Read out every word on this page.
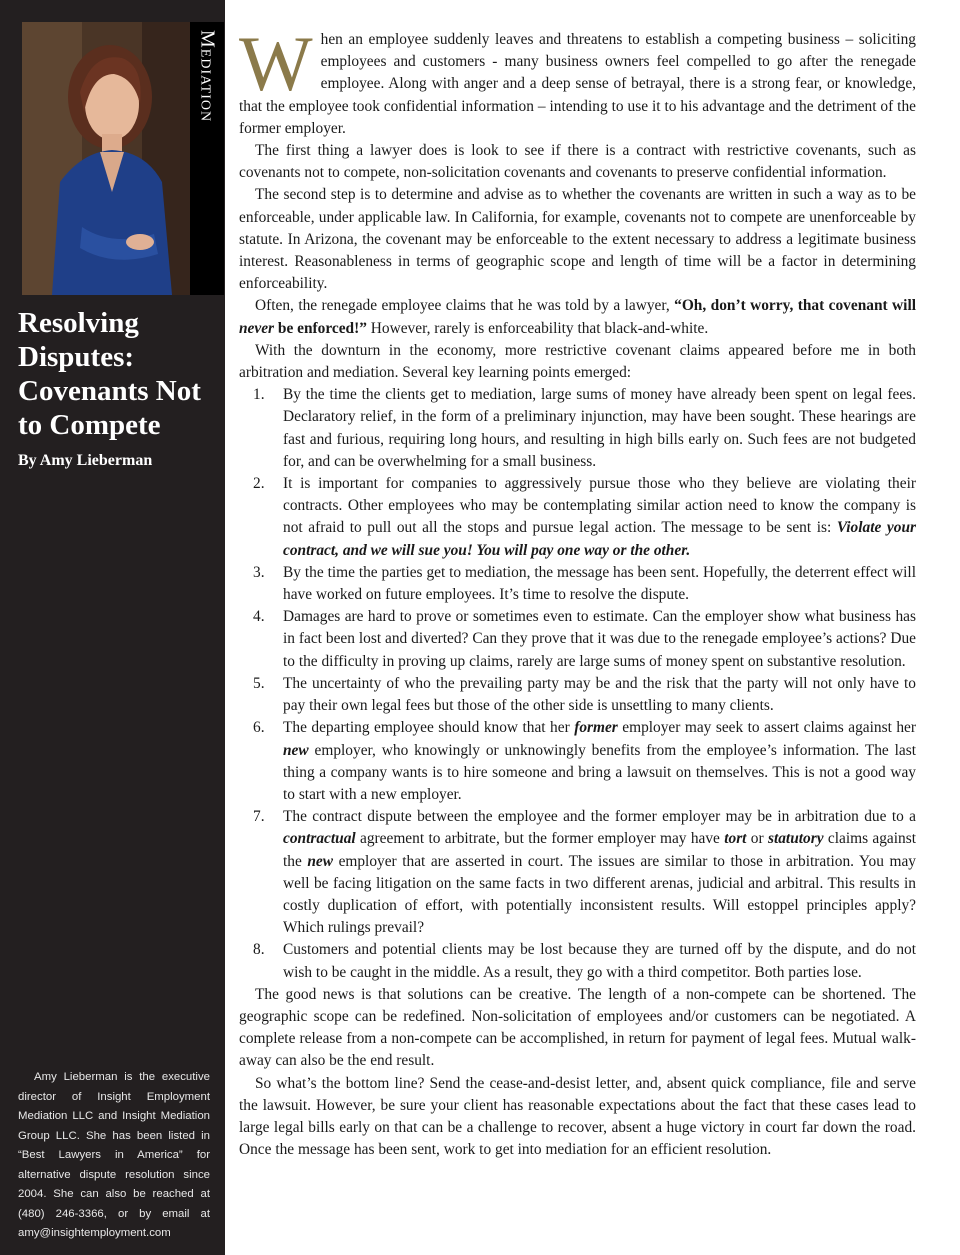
Mediation
Resolving
Disputes:
Covenants Not
to Compete
By Amy Lieberman
Amy Lieberman is the executive director of Insight Employment Mediation LLC and Insight Mediation Group LLC. She has been listed in “Best Lawyers in America” for alternative dispute resolution since 2004. She can also be reached at (480) 246-3366, or by email at amy@insightemployment.com

When an employee suddenly leaves and threatens to establish a competing business – soliciting employees and customers - many business owners feel compelled to go after the renegade employee. Along with anger and a deep sense of betrayal, there is a strong fear, or knowledge, that the employee took confidential information – intending to use it to his advantage and the detriment of the former employer.

The first thing a lawyer does is look to see if there is a contract with restrictive covenants, such as covenants not to compete, non-solicitation covenants and covenants to preserve confidential information.

The second step is to determine and advise as to whether the covenants are written in such a way as to be enforceable, under applicable law. In California, for example, covenants not to compete are unenforceable by statute. In Arizona, the covenant may be enforceable to the extent necessary to address a legitimate business interest. Reasonableness in terms of geographic scope and length of time will be a factor in determining enforceability.

Often, the renegade employee claims that he was told by a lawyer, “Oh, don’t worry, that covenant will never be enforced!” However, rarely is enforceability that black-and-white.

With the downturn in the economy, more restrictive covenant claims appeared before me in both arbitration and mediation. Several key learning points emerged:

1. By the time the clients get to mediation, large sums of money have already been spent on legal fees. Declaratory relief, in the form of a preliminary injunction, may have been sought. These hearings are fast and furious, requiring long hours, and resulting in high bills early on. Such fees are not budgeted for, and can be overwhelming for a small business.
2. It is important for companies to aggressively pursue those who they believe are violating their contracts. Other employees who may be contemplating similar action need to know the company is not afraid to pull out all the stops and pursue legal action. The message to be sent is: Violate your contract, and we will sue you! You will pay one way or the other.
3. By the time the parties get to mediation, the message has been sent. Hopefully, the deterrent effect will have worked on future employees. It’s time to resolve the dispute.
4. Damages are hard to prove or sometimes even to estimate. Can the employer show what business has in fact been lost and diverted? Can they prove that it was due to the renegade employee’s actions? Due to the difficulty in proving up claims, rarely are large sums of money spent on substantive resolution.
5. The uncertainty of who the prevailing party may be and the risk that the party will not only have to pay their own legal fees but those of the other side is unsettling to many clients.
6. The departing employee should know that her former employer may seek to assert claims against her new employer, who knowingly or unknowingly benefits from the employee’s information. The last thing a company wants is to hire someone and bring a lawsuit on themselves. This is not a good way to start with a new employer.
7. The contract dispute between the employee and the former employer may be in arbitration due to a contractual agreement to arbitrate, but the former employer may have tort or statutory claims against the new employer that are asserted in court. The issues are similar to those in arbitration. You may well be facing litigation on the same facts in two different arenas, judicial and arbitral. This results in costly duplication of effort, with potentially inconsistent results. Will estoppel principles apply? Which rulings prevail?
8. Customers and potential clients may be lost because they are turned off by the dispute, and do not wish to be caught in the middle. As a result, they go with a third competitor. Both parties lose.

The good news is that solutions can be creative. The length of a non-compete can be shortened. The geographic scope can be redefined. Non-solicitation of employees and/or customers can be negotiated. A complete release from a non-compete can be accomplished, in return for payment of legal fees. Mutual walk-away can also be the end result.

So what’s the bottom line? Send the cease-and-desist letter, and, absent quick compliance, file and serve the lawsuit. However, be sure your client has reasonable expectations about the fact that these cases lead to large legal bills early on that can be a challenge to recover, absent a huge victory in court far down the road. Once the message has been sent, work to get into mediation for an efficient resolution.
